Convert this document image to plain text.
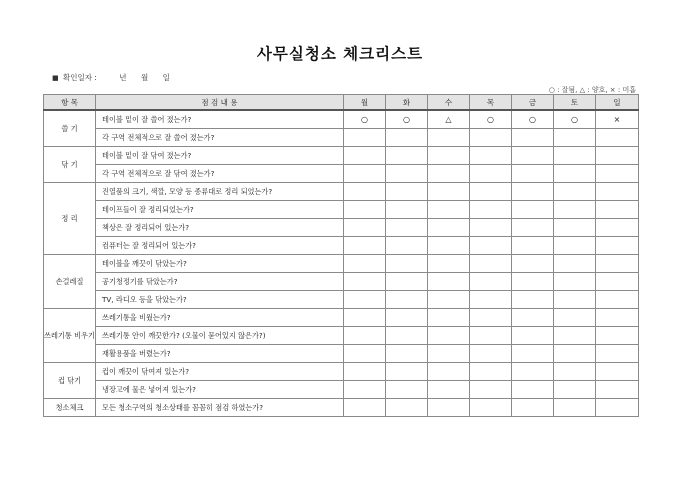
사무실청소 체크리스트
■ 확인일자 :	년 월 일
○ : 잘됨, △ : 양호, × : 미흡
항 목	점 검 내 용	월	화	수	목	금	토	일
쓸 기	테이블 밑이 잘 쓸어 졌는가?	○	○	△	○	○	○	×
	각 구역 전체적으로 잘 쓸어 졌는가?							
닦 기	테이블 밑이 잘 닦여 졌는가?							
	각 구역 전체적으로 잘 닦여 졌는가?							
정 리	진열품의 크기, 색깔, 모양 등 종류대로 정리 되었는가?							
	테이프들이 잘 정리되었는가?							
	책상은 잘 정리되어 있는가?							
	컴퓨터는 잘 정리되어 있는가?							
손걸레질	테이블을 깨끗이 닦았는가?							
	공기청정기를 닦았는가?							
	TV, 라디오 등을 닦았는가?							
쓰레기통 비우기	쓰레기통을 비웠는가?							
	쓰레기통 안이 깨끗한가? (오물이 묻어있지 않은가?)							
	재활용품을 버렸는가?							
컵 닦기	컵이 깨끗이 닦여져 있는가?							
	냉장고에 물은 넣어져 있는가?							
청소체크	모든 청소구역의 청소상태를 꼼꼼히 점검 하였는가?							
